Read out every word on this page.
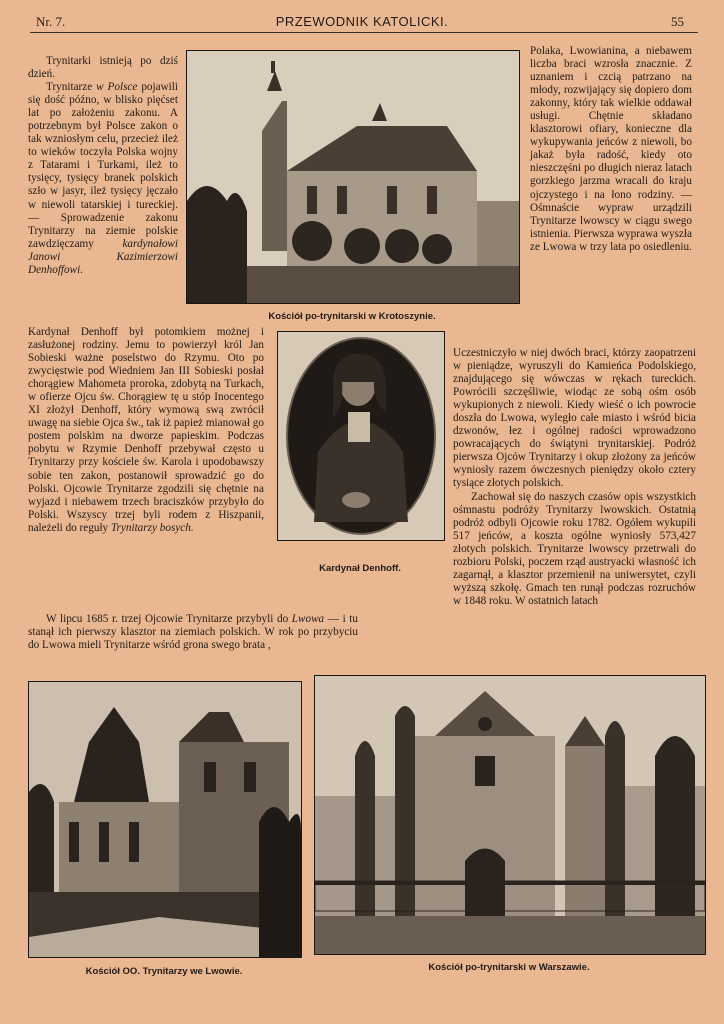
Nr. 7.	PRZEWODNIK KATOLICKI.	55
Kościół po-trynitarski w Krotoszynie.
Kardynał Denhoff.
Kościół OO. Trynitarzy we Lwowie.	Kościół po-trynitarski w Warszawie.

Trynitarki istnieją po dziś dzień.

Trynitarze w Polsce pojawili się dość późno, w blisko pięćset lat po założeniu zakonu. A potrzebnym był Polsce zakon o tak wzniosłym celu, przecież ileż to wieków toczyła Polska wojny z Tatarami i Turkami, ileż to tysięcy, tysięcy branek polskich szło w jasyr, ileż tysięcy jęczało w niewoli tatarskiej i tureckiej. — Sprowadzenie zakonu Trynitarzy na ziemie polskie zawdzięczamy kardynałowi Janowi Kazimierzowi Denhoffowi.

Kardynał Denhoff był potomkiem możnej i zasłużonej rodziny. Jemu to powierzył król Jan Sobieski ważne poselstwo do Rzymu. Oto po zwycięstwie pod Wiedniem Jan III Sobieski posłał chorągiew Mahometa proroka, zdobytą na Turkach, w ofierze Ojcu św. Chorągiew tę u stóp Inocentego XI złożył Denhoff, który wymową swą zwrócił uwagę na siebie Ojca św., tak iż papież mianował go postem polskim na dworze papieskim. Podczas pobytu w Rzymie Denhoff przebywał często u Trynitarzy przy kościele św. Karola i upodobawszy sobie ten zakon, postanowił sprowadzić go do Polski. Ojcowie Trynitarze zgodzili się chętnie na wyjazd i niebawem trzech braciszków przybyło do Polski. Wszyscy trzej byli rodem z Hiszpanii, należeli do reguły Trynitarzy bosych.

W lipcu 1685 r. trzej Ojcowie Trynitarze przybyli do Lwowa — i tu stanął ich pierwszy klasztor na ziemiach polskich. W rok po przybyciu do Lwowa mieli Trynitarze wśród grona swego brata ,

Polaka, Lwowianina, a niebawem liczba braci wzrosła znacznie. Z uznaniem i czcią patrzano na młody, rozwijający się dopiero dom zakonny, który tak wielkie oddawał usługi. Chętnie składano klasztorowi ofiary, konieczne dla wykupywania jeńców z niewoli, bo jakaż była radość, kiedy oto nieszczęśni po długich nieraz latach gorzkiego jarzma wracali do kraju ojczystego i na łono rodziny. — Ośmnaście wypraw urządzili Trynitarze lwowscy w ciągu swego istnienia. Pierwsza wyprawa wyszła ze Lwowa w trzy lata po osiedleniu.

Uczestniczyło w niej dwóch braci, którzy zaopatrzeni w pieniądze, wyruszyli do Kamieńca Podolskiego, znajdującego się wówczas w rękach tureckich. Powrócili szczęśliwie, wiodąc ze sobą ośm osób wykupionych z niewoli. Kiedy wieść o ich powrocie doszła do Lwowa, wyległo całe miasto i wśród bicia dzwonów, łez i ogólnej radości wprowadzono powracających do świątyni trynitarskiej. Podróż pierwsza Ojców Trynitarzy i okup złożony za jeńców wyniosły razem ówczesnych pieniędzy około cztery tysiące złotych polskich.

Zachował się do naszych czasów opis wszystkich ośmnastu podróży Trynitarzy lwowskich. Ostatnią podróż odbyli Ojcowie roku 1782. Ogółem wykupili 517 jeńców, a koszta ogólne wyniosły 573,427 złotych polskich. Trynitarze lwowscy przetrwali do rozbioru Polski, poczem rząd austryacki własność ich zagarnął, a klasztor przemienił na uniwersytet, czyli wyższą szkołę. Gmach ten runął podczas rozruchów w 1848 roku. W ostatnich latach
